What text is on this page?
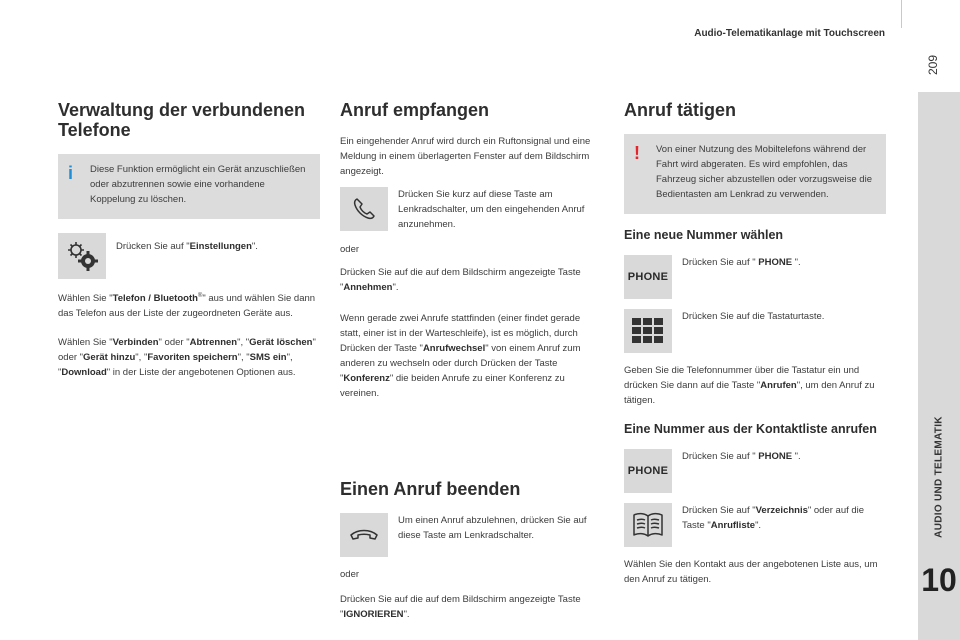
Audio-Telematikanlage mit Touchscreen
209
AUDIO UND TELEMATIK
10
Verwaltung der verbundenen Telefone
i Diese Funktion ermöglicht ein Gerät anzuschließen oder abzutrennen sowie eine vorhandene Koppelung zu löschen.
Drücken Sie auf "Einstellungen".

Wählen Sie "Telefon / Bluetooth®" aus und wählen Sie dann das Telefon aus der Liste der zugeordneten Geräte aus.

Wählen Sie "Verbinden" oder "Abtrennen", "Gerät löschen" oder "Gerät hinzu", "Favoriten speichern", "SMS ein", "Download" in der Liste der angebotenen Optionen aus.

Anruf empfangen

Ein eingehender Anruf wird durch ein Ruftonsignal und eine Meldung in einem überlagerten Fenster auf dem Bildschirm angezeigt.

Drücken Sie kurz auf diese Taste am Lenkradschalter, um den eingehenden Anruf anzunehmen.

oder

Drücken Sie auf die auf dem Bildschirm angezeigte Taste "Annehmen".

Wenn gerade zwei Anrufe stattfinden (einer findet gerade statt, einer ist in der Warteschleife), ist es möglich, durch Drücken der Taste "Anrufwechsel" von einem Anruf zum anderen zu wechseln oder durch Drücken der Taste "Konferenz" die beiden Anrufe zu einer Konferenz zu vereinen.

Einen Anruf beenden
Um einen Anruf abzulehnen, drücken Sie auf diese Taste am Lenkradschalter.

oder

Drücken Sie auf die auf dem Bildschirm angezeigte Taste "IGNORIEREN".

Anruf tätigen
! Von einer Nutzung des Mobiltelefons während der Fahrt wird abgeraten. Es wird empfohlen, das Fahrzeug sicher abzustellen oder vorzugsweise die Bedientasten am Lenkrad zu verwenden.
Eine neue Nummer wählen
PHONE
Drücken Sie auf " PHONE ".
Drücken Sie auf die Tastaturtaste.

Geben Sie die Telefonnummer über die Tastatur ein und drücken Sie dann auf die Taste "Anrufen", um den Anruf zu tätigen.

Eine Nummer aus der Kontaktliste anrufen
PHONE
Drücken Sie auf " PHONE ".
Drücken Sie auf "Verzeichnis" oder auf die Taste "Anrufliste".

Wählen Sie den Kontakt aus der angebotenen Liste aus, um den Anruf zu tätigen.
